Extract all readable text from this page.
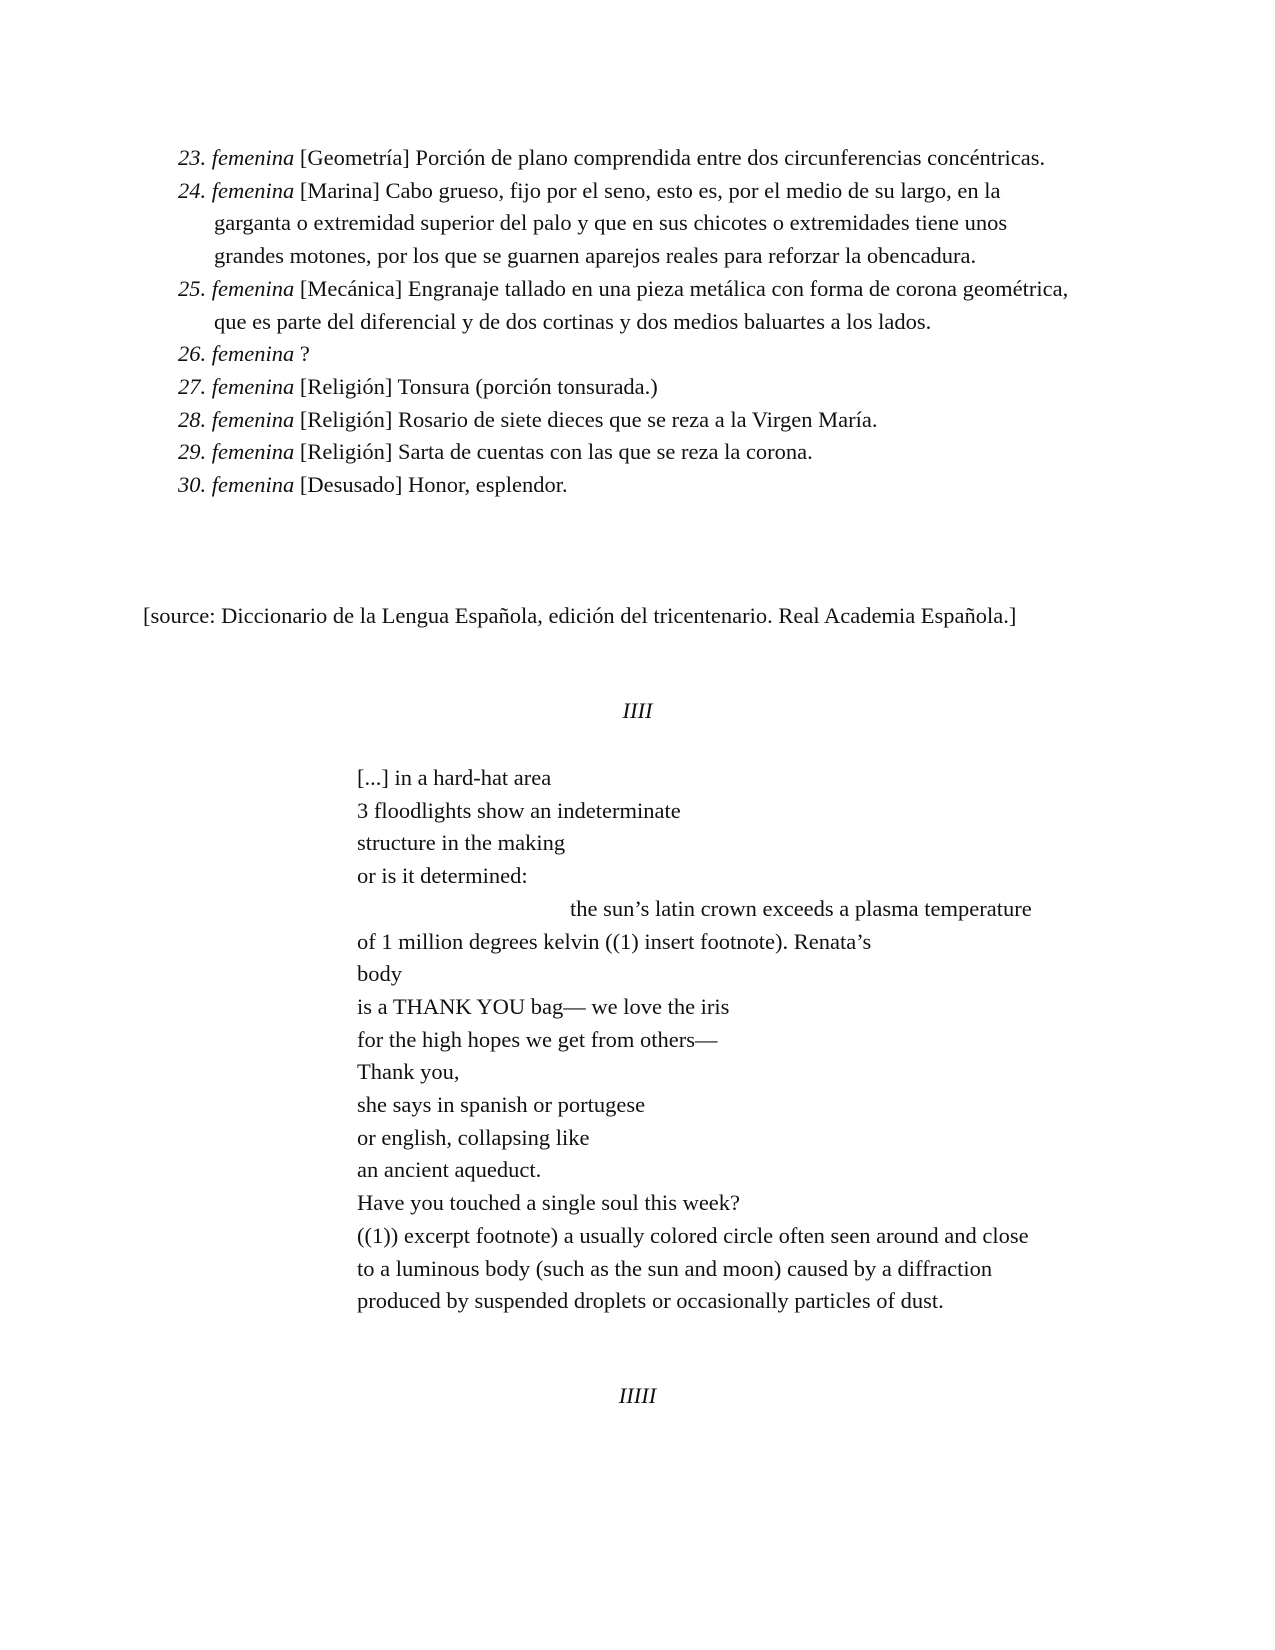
23. femenina [Geometría] Porción de plano comprendida entre dos circunferencias concéntricas.
24. femenina [Marina] Cabo grueso, fijo por el seno, esto es, por el medio de su largo, en la garganta o extremidad superior del palo y que en sus chicotes o extremidades tiene unos grandes motones, por los que se guarnen aparejos reales para reforzar la obencadura.
25. femenina [Mecánica] Engranaje tallado en una pieza metálica con forma de corona geométrica, que es parte del diferencial y de dos cortinas y dos medios baluartes a los lados.
26. femenina ?
27. femenina [Religión] Tonsura (porción tonsurada.)
28. femenina [Religión] Rosario de siete dieces que se reza a la Virgen María.
29. femenina [Religión] Sarta de cuentas con las que se reza la corona.
30. femenina [Desusado] Honor, esplendor.
[source: Diccionario de la Lengua Española, edición del tricentenario. Real Academia Española.]
IIII
[...] in a hard-hat area
3 floodlights show an indeterminate
structure in the making
or is it determined:
the sun’s latin crown exceeds a plasma temperature
of 1 million degrees kelvin ((1) insert footnote). Renata’s
body
is a THANK YOU bag— we love the iris
for the high hopes we get from others—
Thank you,
she says in spanish or portugese
or english, collapsing like
an ancient aqueduct.
Have you touched a single soul this week?
((1)) excerpt footnote) a usually colored circle often seen around and close
to a luminous body (such as the sun and moon) caused by a diffraction
produced by suspended droplets or occasionally particles of dust.
IIIII
